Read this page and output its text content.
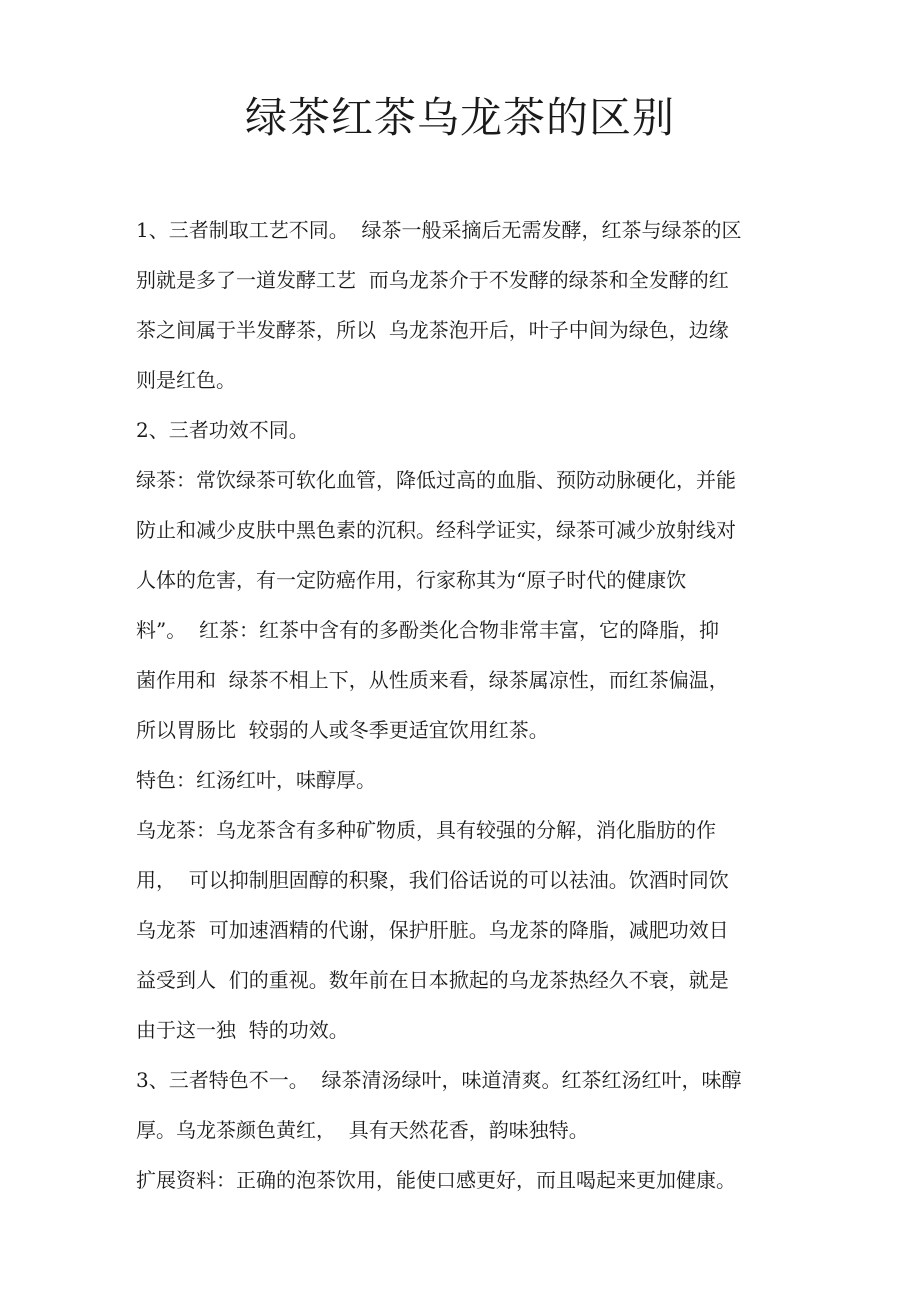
绿茶红茶乌龙茶的区别

1、三者制取工艺不同。  绿茶一般采摘后无需发酵，红茶与绿茶的区

别就是多了一道发酵工艺  而乌龙茶介于不发酵的绿茶和全发酵的红

茶之间属于半发酵茶，所以  乌龙茶泡开后，叶子中间为绿色，边缘

则是红色。

2、三者功效不同。

绿茶：常饮绿茶可软化血管，降低过高的血脂、预防动脉硬化，并能

防止和减少皮肤中黑色素的沉积。经科学证实，绿茶可减少放射线对

人体的危害，有一定防癌作用，行家称其为“原子时代的健康饮

料”。  红茶：红茶中含有的多酚类化合物非常丰富，它的降脂，抑

菌作用和  绿茶不相上下，从性质来看，绿茶属凉性，而红茶偏温，

所以胃肠比  较弱的人或冬季更适宜饮用红茶。

特色：红汤红叶，味醇厚。

乌龙茶：乌龙茶含有多种矿物质，具有较强的分解，消化脂肪的作

用，  可以抑制胆固醇的积聚，我们俗话说的可以祛油。饮酒时同饮

乌龙茶  可加速酒精的代谢，保护肝脏。乌龙茶的降脂，减肥功效日

益受到人  们的重视。数年前在日本掀起的乌龙茶热经久不衰，就是

由于这一独  特的功效。

3、三者特色不一。  绿茶清汤绿叶，味道清爽。红茶红汤红叶，味醇

厚。乌龙茶颜色黄红，  具有天然花香，韵味独特。

扩展资料：正确的泡茶饮用，能使口感更好，而且喝起来更加健康。
